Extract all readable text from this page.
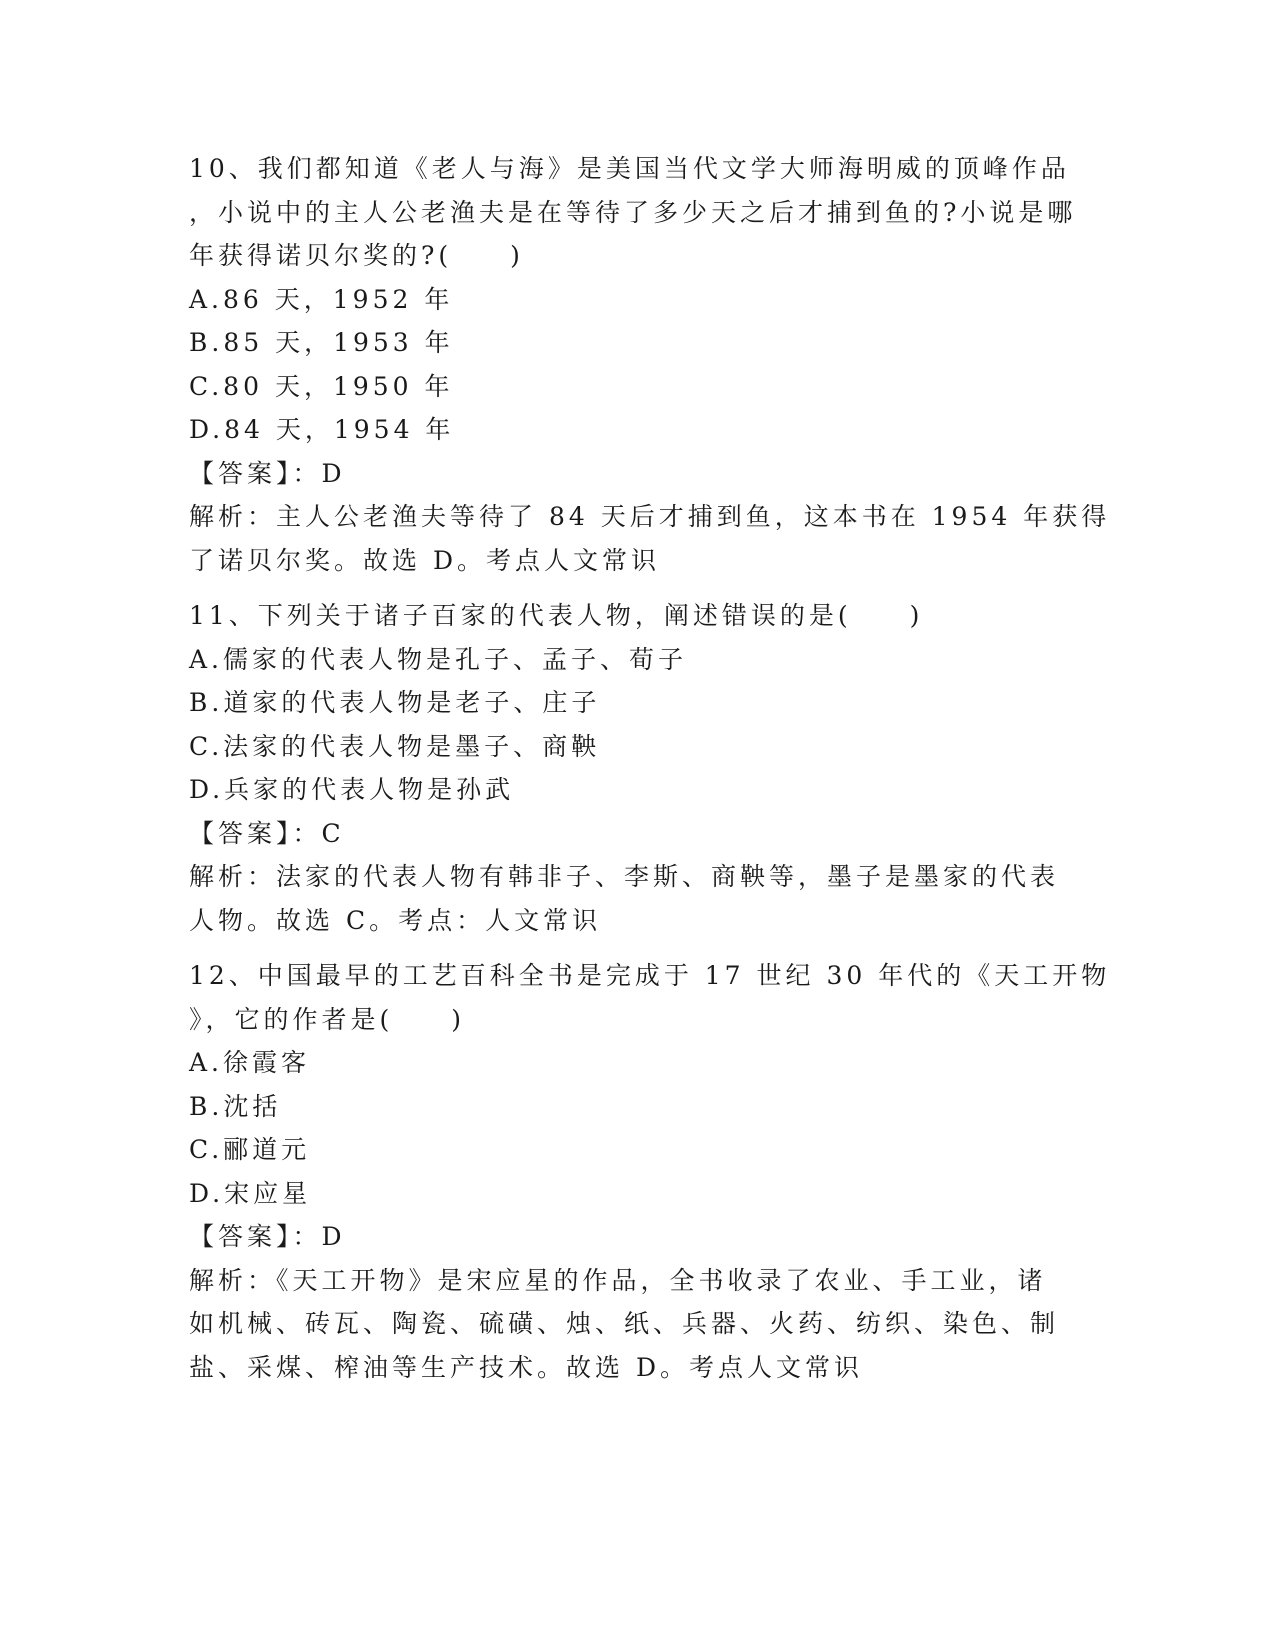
10、我们都知道《老人与海》是美国当代文学大师海明威的顶峰作品
，小说中的主人公老渔夫是在等待了多少天之后才捕到鱼的?小说是哪
年获得诺贝尔奖的?(　　)
A.86 天，1952 年
B.85 天，1953 年
C.80 天，1950 年
D.84 天，1954 年
【答案】：D
解析：主人公老渔夫等待了 84 天后才捕到鱼，这本书在 1954 年获得
了诺贝尔奖。故选 D。考点人文常识
11、下列关于诸子百家的代表人物，阐述错误的是(　　)
A.儒家的代表人物是孔子、孟子、荀子
B.道家的代表人物是老子、庄子
C.法家的代表人物是墨子、商鞅
D.兵家的代表人物是孙武
【答案】：C
解析：法家的代表人物有韩非子、李斯、商鞅等，墨子是墨家的代表
人物。故选 C。考点：人文常识
12、中国最早的工艺百科全书是完成于 17 世纪 30 年代的《天工开物
》，它的作者是(　　)
A.徐霞客
B.沈括
C.郦道元
D.宋应星
【答案】：D
解析：《天工开物》是宋应星的作品，全书收录了农业、手工业，诸
如机械、砖瓦、陶瓷、硫磺、烛、纸、兵器、火药、纺织、染色、制
盐、采煤、榨油等生产技术。故选 D。考点人文常识
